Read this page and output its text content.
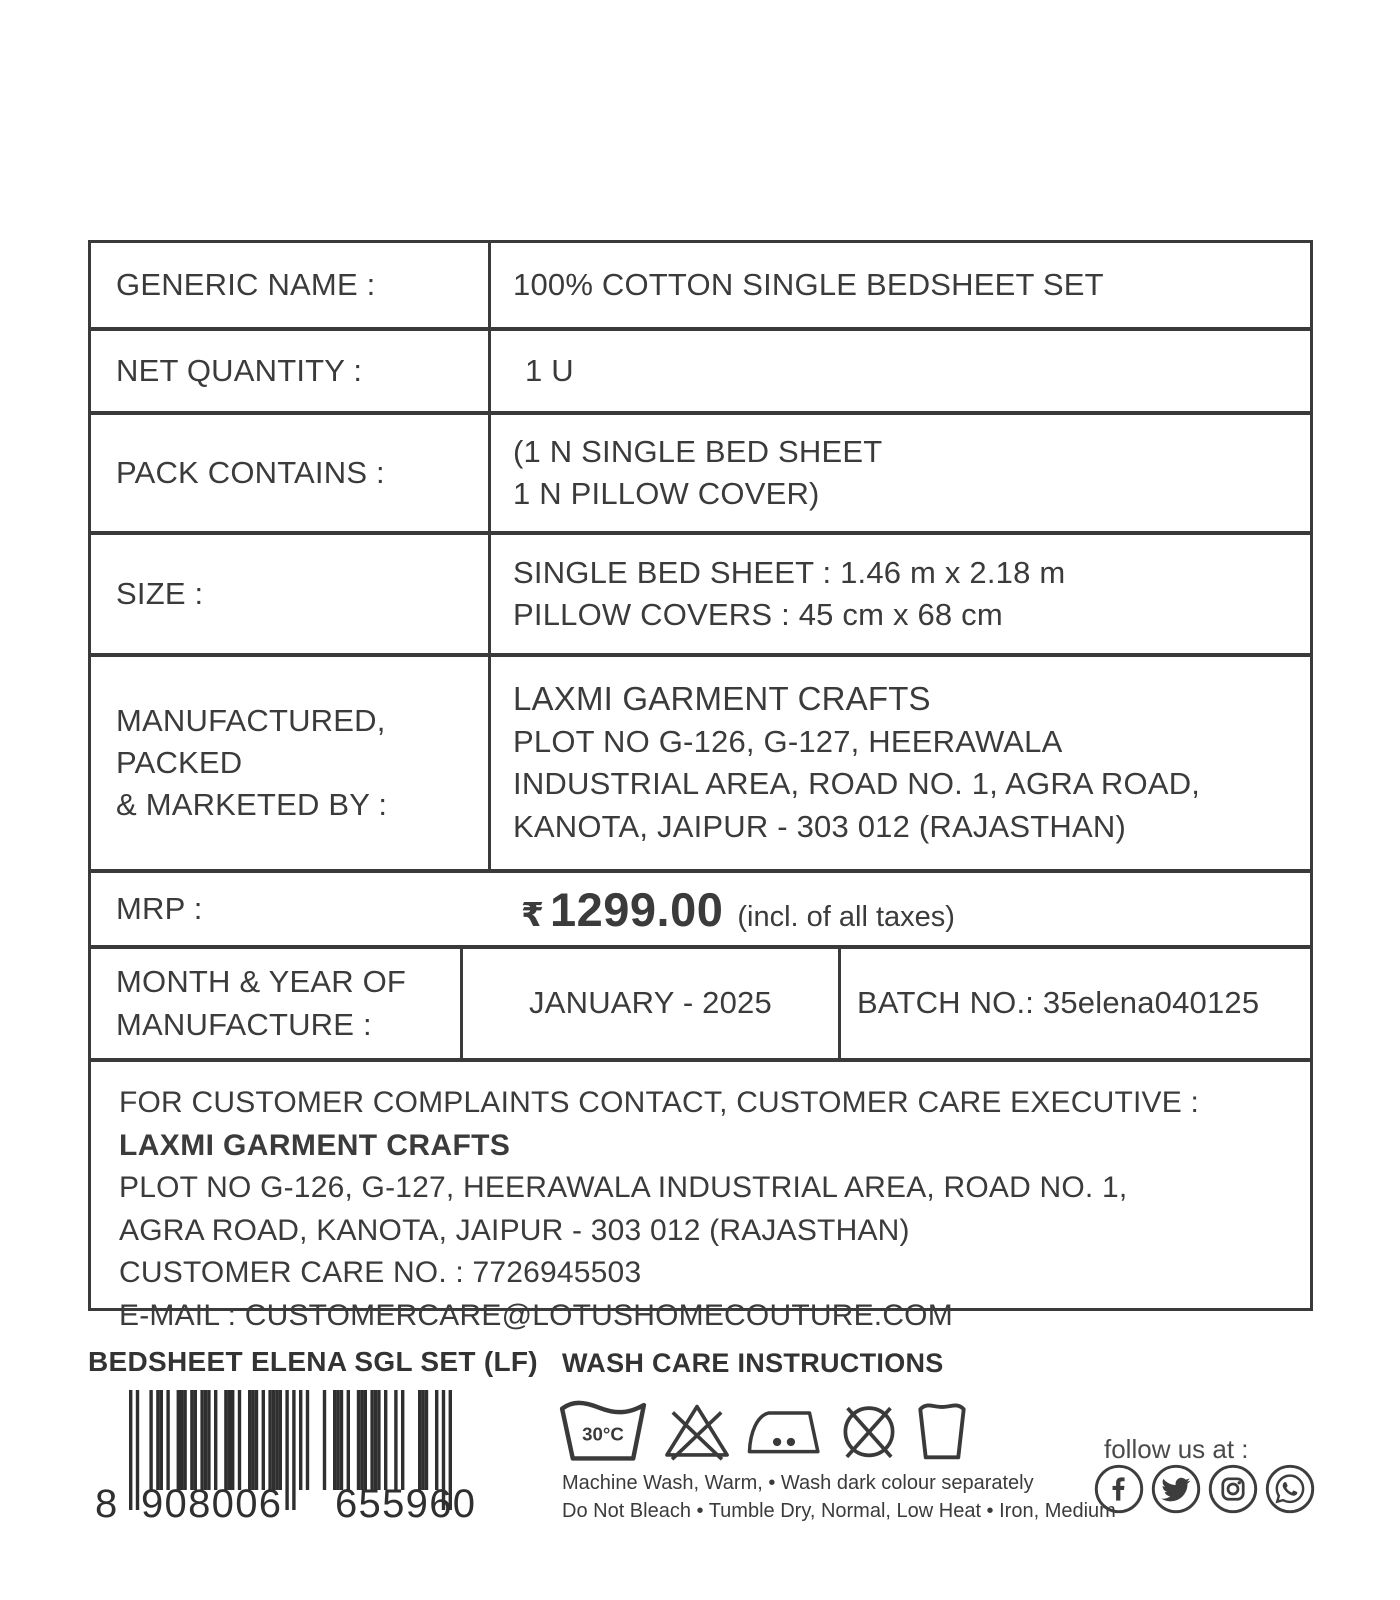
GENERIC NAME :	100% COTTON SINGLE BEDSHEET SET
NET QUANTITY :	1 U
PACK CONTAINS :
(1 N SINGLE BED SHEET
1 N PILLOW COVER)
SIZE :
SINGLE BED SHEET : 1.46 m x 2.18 m
PILLOW COVERS : 45 cm x 68 cm
MANUFACTURED,
PACKED
& MARKETED BY :
LAXMI GARMENT CRAFTS
PLOT NO G-126, G-127, HEERAWALA
INDUSTRIAL AREA, ROAD NO. 1, AGRA ROAD,
KANOTA, JAIPUR - 303 012 (RAJASTHAN)
MRP :	₹ 1299.00 (incl. of all taxes)
MONTH & YEAR OF
MANUFACTURE :
JANUARY - 2025	BATCH NO.: 35elena040125
FOR CUSTOMER COMPLAINTS CONTACT, CUSTOMER CARE EXECUTIVE :
LAXMI GARMENT CRAFTS
PLOT NO G-126, G-127, HEERAWALA INDUSTRIAL AREA, ROAD NO. 1,
AGRA ROAD, KANOTA, JAIPUR - 303 012 (RAJASTHAN)
CUSTOMER CARE NO. : 7726945503
E-MAIL : CUSTOMERCARE@LOTUSHOMECOUTURE.COM
BEDSHEET ELENA SGL SET (LF)
8 9 0 8 0 0 6 6 5 5 9 6 0
WASH CARE INSTRUCTIONS
30°C
Machine Wash, Warm, • Wash dark colour separately
Do Not Bleach • Tumble Dry, Normal, Low Heat • Iron, Medium
follow us at :
